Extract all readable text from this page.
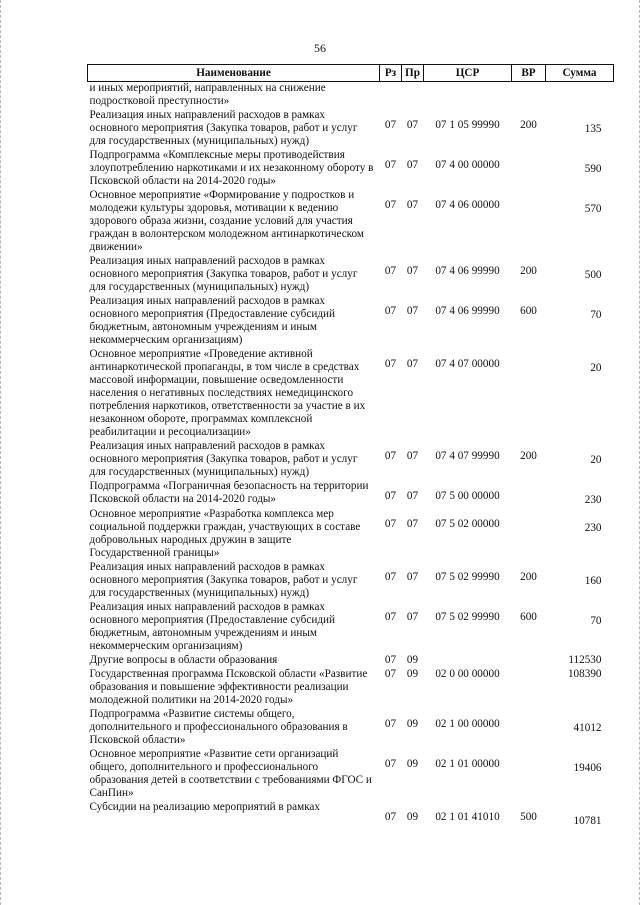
56
Наименование	Рз	Пр	ЦСР	ВР	Сумма
и иных мероприятий, направленных на снижение подростковой преступности»					
Реализация иных направлений расходов в рамках основного мероприятия (Закупка товаров, работ и услуг для государственных (муниципальных) нужд)	07	07	07 1 05 99990	200	135
Подпрограмма «Комплексные меры противодействия злоупотреблению наркотиками и их незаконному обороту в Псковской области на 2014-2020 годы»	07	07	07 4 00 00000		590
Основное мероприятие «Формирование у подростков и молодежи культуры здоровья, мотивации к ведению здорового образа жизни, создание условий для участия граждан в волонтерском молодежном антинаркотическом движении»	07	07	07 4 06 00000		570
Реализация иных направлений расходов в рамках основного мероприятия (Закупка товаров, работ и услуг для государственных (муниципальных) нужд)	07	07	07 4 06 99990	200	500
Реализация иных направлений расходов в рамках основного мероприятия (Предоставление субсидий бюджетным, автономным учреждениям и иным некоммерческим организациям)	07	07	07 4 06 99990	600	70
Основное мероприятие «Проведение активной антинаркотической пропаганды, в том числе в средствах массовой информации, повышение осведомленности населения о негативных последствиях немедицинского потребления наркотиков, ответственности за участие в их незаконном обороте, программах комплексной реабилитации и ресоциализации»	07	07	07 4 07 00000		20
Реализация иных направлений расходов в рамках основного мероприятия (Закупка товаров, работ и услуг для государственных (муниципальных) нужд)	07	07	07 4 07 99990	200	20
Подпрограмма «Пограничная безопасность на территории Псковской области на 2014-2020 годы»	07	07	07 5 00 00000		230
Основное мероприятие «Разработка комплекса мер социальной поддержки граждан, участвующих в составе добровольных народных дружин в защите Государственной границы»	07	07	07 5 02 00000		230
Реализация иных направлений расходов в рамках основного мероприятия (Закупка товаров, работ и услуг для государственных (муниципальных) нужд)	07	07	07 5 02 99990	200	160
Реализация иных направлений расходов в рамках основного мероприятия (Предоставление субсидий бюджетным, автономным учреждениям и иным некоммерческим организациям)	07	07	07 5 02 99990	600	70
Другие вопросы в области образования	07	09			112530
Государственная программа Псковской области «Развитие образования и повышение эффективности реализации молодежной политики на 2014-2020 годы»	07	09	02 0 00 00000		108390
Подпрограмма «Развитие системы общего, дополнительного и профессионального образования в Псковской области»	07	09	02 1 00 00000		41012
Основное мероприятие «Развитие сети организаций общего, дополнительного и профессионального образования детей в соответствии с требованиями ФГОС и СанПин»	07	09	02 1 01 00000		19406
Субсидии на реализацию мероприятий в рамках	07	09	02 1 01 41010	500	10781
